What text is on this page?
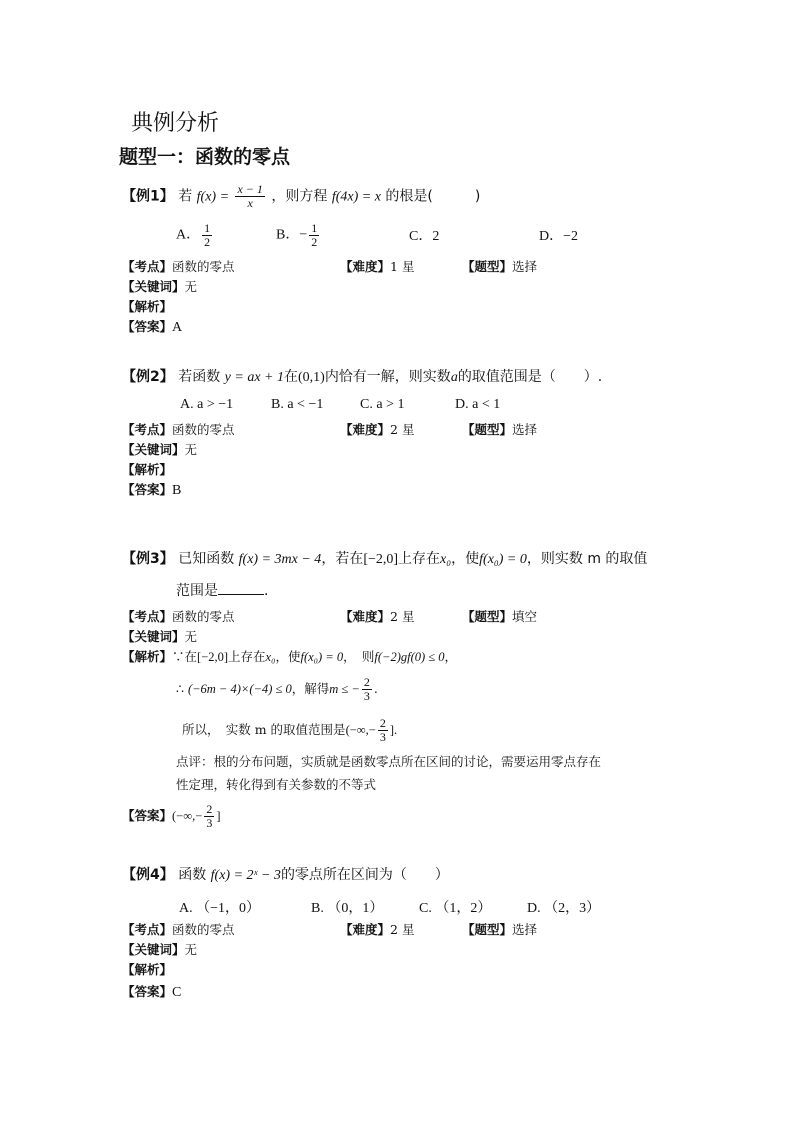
典例分析
题型一：函数的零点
【例1】 若 $f(x) = \frac{x - 1}{x}$ ，则方程 f(4x) = x 的根是(　　　)
A． $\frac{1}{2}$	B．− $\frac{1}{2}$	C．2	D．−2
【考点】函数的零点	【难度】1 星	【题型】选择
【关键词】无
【解析】
【答案】A
【例2】 若函数 y = ax + 1在(0,1)内恰有一解，则实数a的取值范围是（　　）.
A. a > −1	B. a < −1	C. a > 1	D. a < 1
【考点】函数的零点	【难度】2 星	【题型】选择
【关键词】无
【解析】
【答案】B
【例3】 已知函数 f(x) = 3mx − 4，若在[−2,0]上存在x₀，使f(x₀) = 0，则实数 m 的取值
范围是	.
【考点】函数的零点	【难度】2 星	【题型】填空
【关键词】无
【解析】∵在[−2,0]上存在x₀，使f(x₀) = 0，　则f(−2)gf(0) ≤ 0，
∴ (−6m − 4)×(−4) ≤ 0，解得m ≤ − $\frac{2}{3}$ .
所以，　实数 m 的取值范围是(−∞,− $\frac{2}{3}$ ].
点评：根的分布问题，实质就是函数零点所在区间的讨论，需要运用零点存在
性定理，转化得到有关参数的不等式
【答案】(−∞,− $\frac{2}{3}$ ]
【例4】 函数 f(x) = 2ˣ − 3的零点所在区间为（　　）
A. （−1，0）	B. （0，1）	C. （1，2）	D. （2，3）
【考点】函数的零点	【难度】2 星	【题型】选择
【关键词】无
【解析】
【答案】C
